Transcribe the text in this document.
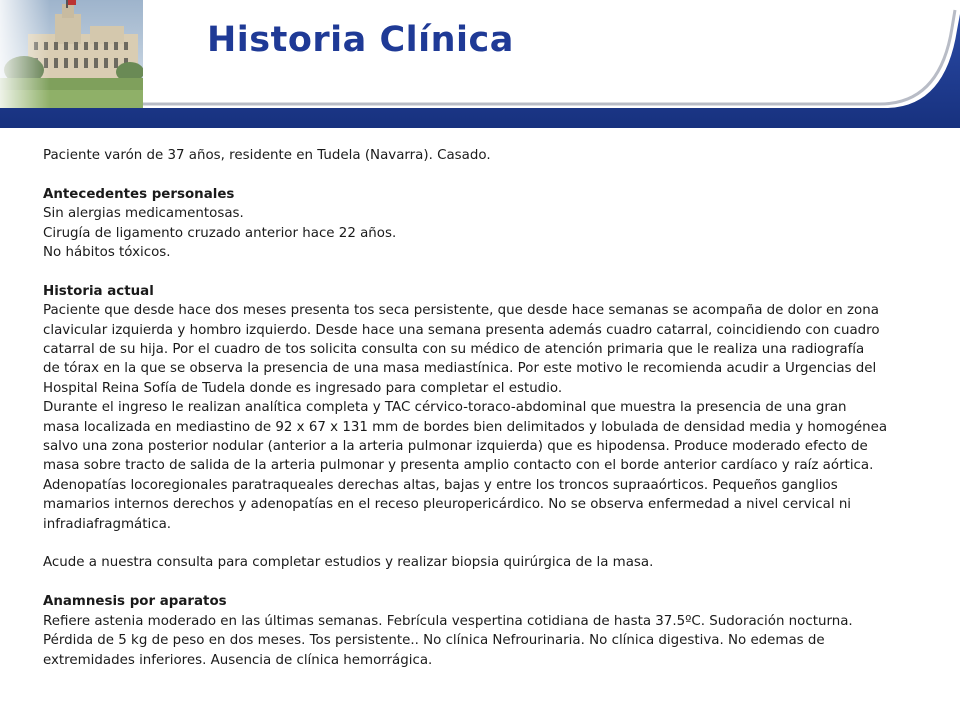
Historia Clínica

Paciente varón de 37 años, residente en Tudela (Navarra). Casado.

Antecedentes personales

Sin alergias medicamentosas.

Cirugía de ligamento cruzado anterior hace 22 años.

No hábitos tóxicos.

Historia actual

Paciente que desde hace dos meses presenta tos seca persistente, que desde hace semanas se acompaña de dolor en zona

clavicular izquierda y hombro izquierdo. Desde hace una semana presenta además cuadro catarral, coincidiendo con cuadro

catarral de su hija. Por el cuadro de tos solicita consulta con su médico de atención primaria que le realiza una radiografía

de tórax en la que se observa la presencia de una masa mediastínica. Por este motivo le recomienda acudir a Urgencias del

Hospital Reina Sofía de Tudela donde es ingresado para completar el estudio.

Durante el ingreso le realizan analítica completa y TAC cérvico-toraco-abdominal que muestra la presencia de una gran

masa localizada en mediastino de 92 x 67 x 131 mm de bordes bien delimitados y lobulada de densidad media y homogénea

salvo una zona posterior nodular (anterior a la arteria pulmonar izquierda) que es hipodensa. Produce moderado efecto de

masa sobre tracto de salida de la arteria pulmonar y presenta amplio contacto con el borde anterior cardíaco y raíz aórtica.

Adenopatías locoregionales paratraqueales derechas altas, bajas y entre los troncos supraaórticos. Pequeños ganglios

mamarios internos derechos y adenopatías en el receso pleuropericárdico. No se observa enfermedad a nivel cervical ni

infradiafragmática.

Acude a nuestra consulta para completar estudios y realizar biopsia quirúrgica de la masa.

Anamnesis por aparatos

Refiere astenia moderado en las últimas semanas. Febrícula vespertina cotidiana de hasta 37.5ºC. Sudoración nocturna.

Pérdida de 5 kg de peso en dos meses. Tos persistente.. No clínica Nefrourinaria. No clínica digestiva. No edemas de

extremidades inferiores. Ausencia de clínica hemorrágica.
